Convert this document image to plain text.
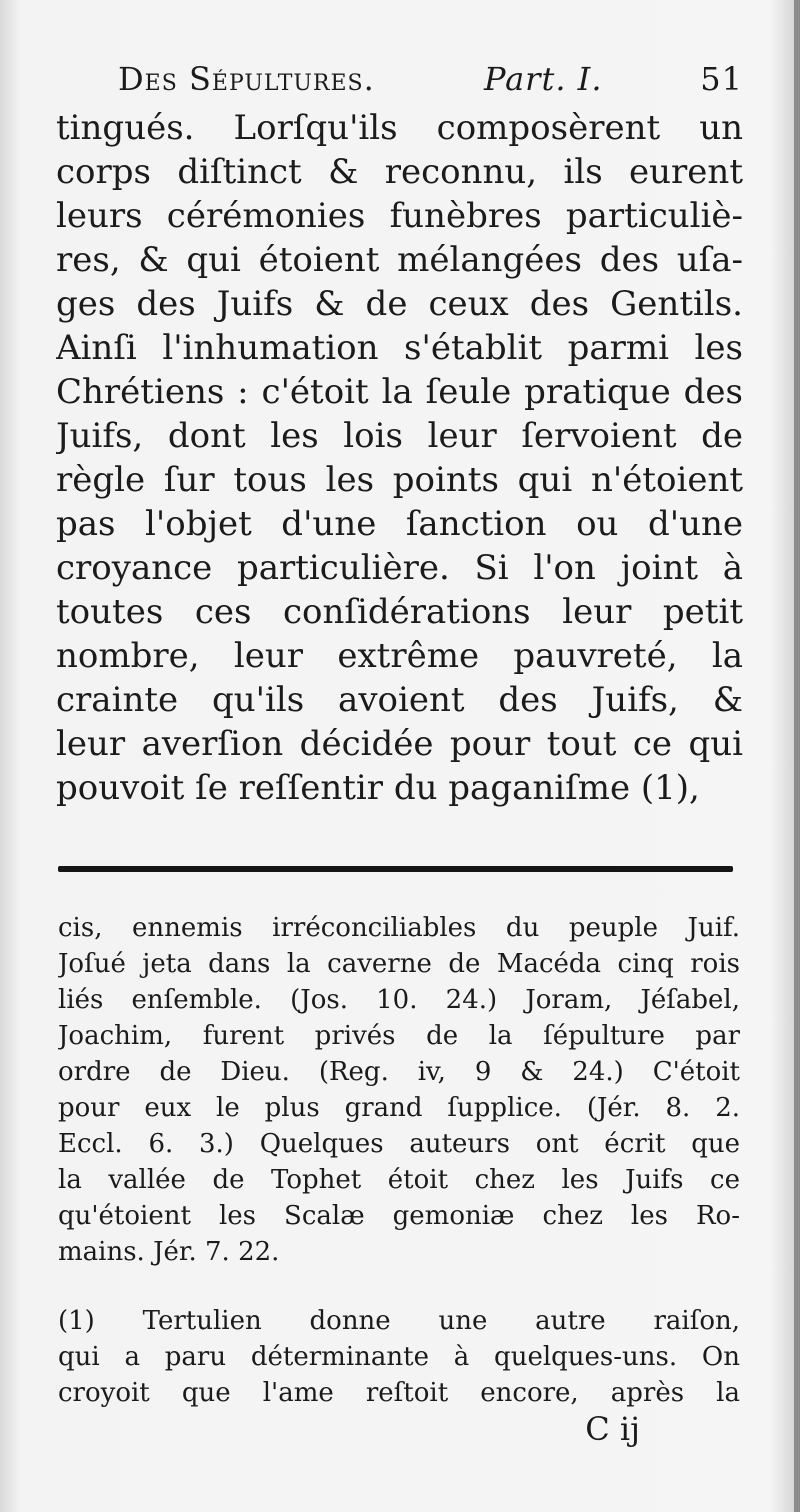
Des Sépultures.	Part. I.	51
tingués. Lorſqu'ils composèrent un
corps diſtinct & reconnu, ils eurent
leurs cérémonies funèbres particuliè-
res, & qui étoient mélangées des uſa-
ges des Juifs & de ceux des Gentils.
Ainſi l'inhumation s'établit parmi les
Chrétiens : c'étoit la ſeule pratique des
Juifs, dont les lois leur ſervoient de
règle ſur tous les points qui n'étoient
pas l'objet d'une ſanction ou d'une
croyance particulière. Si l'on joint à
toutes ces conſidérations leur petit
nombre, leur extrême pauvreté, la
crainte qu'ils avoient des Juifs, &
leur averſion décidée pour tout ce qui
pouvoit ſe reſſentir du paganiſme (1),
cis, ennemis irréconciliables du peuple Juif.
Joſué jeta dans la caverne de Macéda cinq rois
liés enſemble. (Jos. 10. 24.) Joram, Jéſabel,
Joachim, furent privés de la ſépulture par
ordre de Dieu. (Reg. iv, 9 & 24.) C'étoit
pour eux le plus grand ſupplice. (Jér. 8. 2.
Eccl. 6. 3.) Quelques auteurs ont écrit que
la vallée de Tophet étoit chez les Juifs ce
qu'étoient les Scalæ gemoniæ chez les Ro-
mains. Jér. 7. 22.
(1) Tertulien donne une autre raiſon,
qui a paru déterminante à quelques-uns. On
croyoit que l'ame reſtoit encore, après la
C ij
